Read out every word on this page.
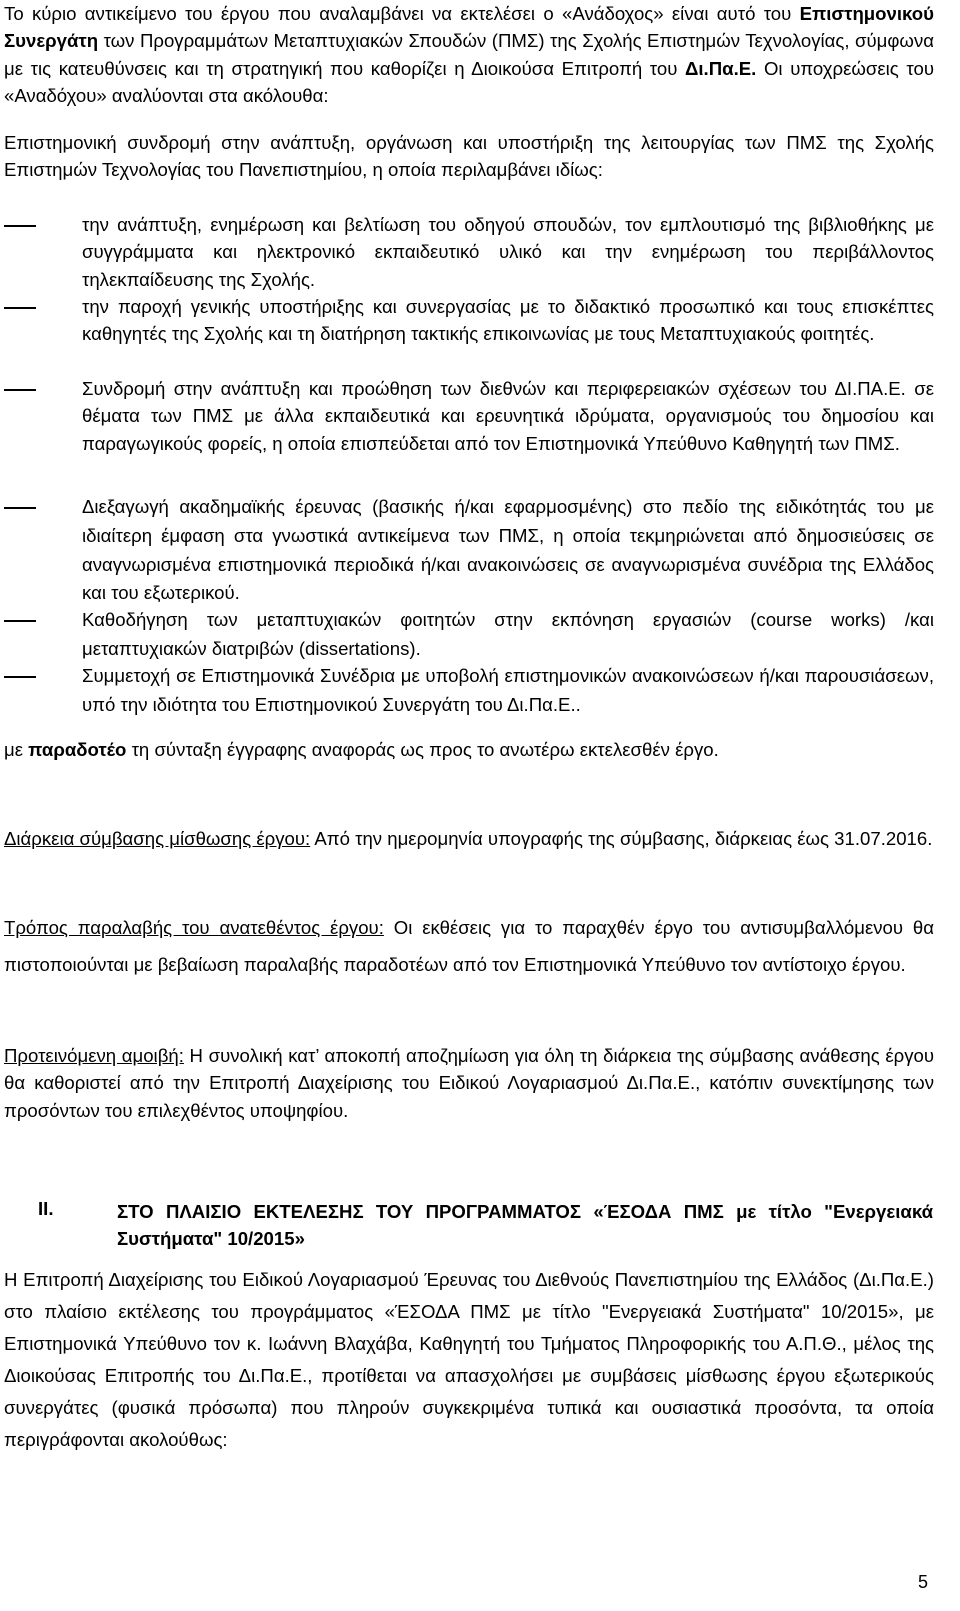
Το κύριο αντικείμενο του έργου που αναλαμβάνει να εκτελέσει ο «Ανάδοχος» είναι αυτό του Επιστημονικού Συνεργάτη των Προγραμμάτων Μεταπτυχιακών Σπουδών (ΠΜΣ) της Σχολής Επιστημών Τεχνολογίας, σύμφωνα με τις κατευθύνσεις και τη στρατηγική που καθορίζει η Διοικούσα Επιτροπή του Δι.Πα.Ε. Οι υποχρεώσεις του «Αναδόχου» αναλύονται στα ακόλουθα:
Επιστημονική συνδρομή στην ανάπτυξη, οργάνωση και υποστήριξη της λειτουργίας των ΠΜΣ της Σχολής Επιστημών Τεχνολογίας του Πανεπιστημίου, η οποία περιλαμβάνει ιδίως:
την ανάπτυξη, ενημέρωση και βελτίωση του οδηγού σπουδών, τον εμπλουτισμό της βιβλιοθήκης με συγγράμματα και ηλεκτρονικό εκπαιδευτικό υλικό και την ενημέρωση του περιβάλλοντος τηλεκπαίδευσης της Σχολής.
την παροχή γενικής υποστήριξης και συνεργασίας με το διδακτικό προσωπικό και τους επισκέπτες καθηγητές της Σχολής και τη διατήρηση τακτικής επικοινωνίας με τους Μεταπτυχιακούς φοιτητές.
Συνδρομή στην ανάπτυξη και προώθηση των διεθνών και περιφερειακών σχέσεων του ΔΙ.ΠΑ.Ε. σε θέματα των ΠΜΣ με άλλα εκπαιδευτικά και ερευνητικά ιδρύματα, οργανισμούς του δημοσίου και παραγωγικούς φορείς, η οποία επισπεύδεται από τον Επιστημονικά Υπεύθυνο Καθηγητή των ΠΜΣ.
Διεξαγωγή ακαδημαϊκής έρευνας (βασικής ή/και εφαρμοσμένης) στο πεδίο της ειδικότητάς του με ιδιαίτερη έμφαση στα γνωστικά αντικείμενα των ΠΜΣ, η οποία τεκμηριώνεται από δημοσιεύσεις σε αναγνωρισμένα επιστημονικά περιοδικά ή/και ανακοινώσεις σε αναγνωρισμένα συνέδρια της Ελλάδος και του εξωτερικού.
Καθοδήγηση των μεταπτυχιακών φοιτητών στην εκπόνηση εργασιών (course works) /και μεταπτυχιακών διατριβών (dissertations).
Συμμετοχή σε Επιστημονικά Συνέδρια με υποβολή επιστημονικών ανακοινώσεων ή/και παρουσιάσεων, υπό την ιδιότητα του Επιστημονικού Συνεργάτη του Δι.Πα.Ε..
με παραδοτέο τη σύνταξη έγγραφης αναφοράς ως προς το ανωτέρω εκτελεσθέν έργο.
Διάρκεια σύμβασης μίσθωσης έργου: Από την ημερομηνία υπογραφής της σύμβασης, διάρκειας έως 31.07.2016.
Τρόπος παραλαβής του ανατεθέντος έργου: Οι εκθέσεις για το παραχθέν έργο του αντισυμβαλλόμενου θα πιστοποιούνται με βεβαίωση παραλαβής παραδοτέων από τον Επιστημονικά Υπεύθυνο τον αντίστοιχο έργου.
Προτεινόμενη αμοιβή: Η συνολική κατ’ αποκοπή αποζημίωση για όλη τη διάρκεια της σύμβασης ανάθεσης έργου θα καθοριστεί από την Επιτροπή Διαχείρισης του Ειδικού Λογαριασμού Δι.Πα.Ε., κατόπιν συνεκτίμησης των προσόντων του επιλεχθέντος υποψηφίου.
II.	ΣΤΟ ΠΛΑΙΣΙΟ ΕΚΤΕΛΕΣΗΣ ΤΟΥ ΠΡΟΓΡΑΜΜΑΤΟΣ «ΈΣΟΔΑ ΠΜΣ με τίτλο "Ενεργειακά Συστήματα" 10/2015»
Η Επιτροπή Διαχείρισης του Ειδικού Λογαριασμού Έρευνας του Διεθνούς Πανεπιστημίου της Ελλάδος (Δι.Πα.Ε.) στο πλαίσιο εκτέλεσης του προγράμματος «ΈΣΟΔΑ ΠΜΣ με τίτλο "Ενεργειακά Συστήματα" 10/2015», με Επιστημονικά Υπεύθυνο τον κ. Ιωάννη Βλαχάβα, Καθηγητή του Τμήματος Πληροφορικής του Α.Π.Θ., μέλος της Διοικούσας Επιτροπής του Δι.Πα.Ε., προτίθεται να απασχολήσει με συμβάσεις μίσθωσης έργου εξωτερικούς συνεργάτες (φυσικά πρόσωπα) που πληρούν συγκεκριμένα τυπικά και ουσιαστικά προσόντα, τα οποία περιγράφονται ακολούθως:
5
